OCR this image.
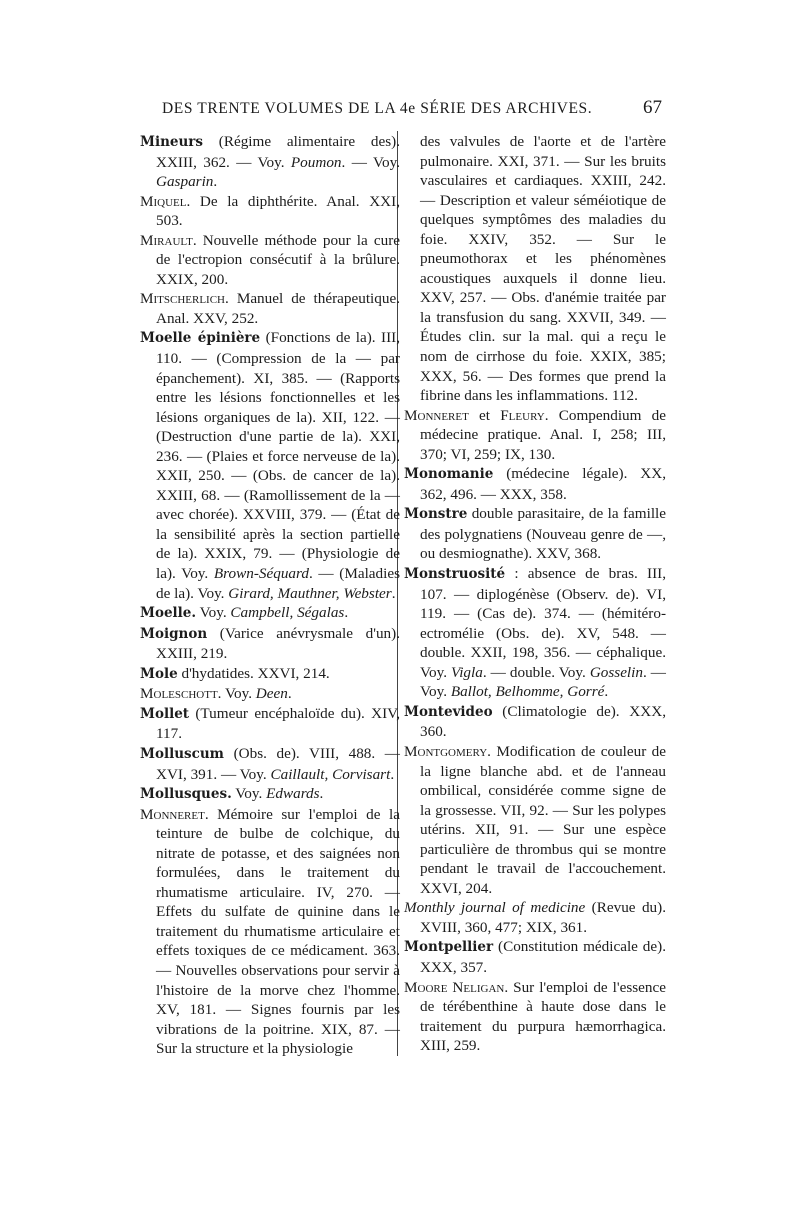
DES TRENTE VOLUMES DE LA 4e SÉRIE DES ARCHIVES.	67
Mineurs (Régime alimentaire des). XXIII, 362. — Voy. Poumon. — Voy. Gasparin.
Miquel. De la diphthérite. Anal. XXI, 503.
Mirault. Nouvelle méthode pour la cure de l'ectropion consécutif à la brûlure. XXIX, 200.
Mitscherlich. Manuel de thérapeutique. Anal. XXV, 252.
Moelle épinière (Fonctions de la). III, 110. — (Compression de la — par épanchement). XI, 385. — (Rapports entre les lésions fonctionnelles et les lésions organiques de la). XII, 122. — (Destruction d'une partie de la). XXI, 236. — (Plaies et force nerveuse de la). XXII, 250. — (Obs. de cancer de la). XXIII, 68. — (Ramollissement de la — avec chorée). XXVIII, 379. — (État de la sensibilité après la section partielle de la). XXIX, 79. — (Physiologie de la). Voy. Brown-Séquard. — (Maladies de la). Voy. Girard, Mauthner, Webster.
Moelle. Voy. Campbell, Ségalas.
Moignon (Varice anévrysmale d'un). XXIII, 219.
Mole d'hydatides. XXVI, 214.
Moleschott. Voy. Deen.
Mollet (Tumeur encéphaloïde du). XIV, 117.
Molluscum (Obs. de). VIII, 488. — XVI, 391. — Voy. Caillault, Corvisart.
Mollusques. Voy. Edwards.
Monneret. Mémoire sur l'emploi de la teinture de bulbe de colchique, du nitrate de potasse, et des saignées non formulées, dans le traitement du rhumatisme articulaire. IV, 270. — Effets du sulfate de quinine dans le traitement du rhumatisme articulaire et effets toxiques de ce médicament. 363. — Nouvelles observations pour servir à l'histoire de la morve chez l'homme. XV, 181. — Signes fournis par les vibrations de la poitrine. XIX, 87. — Sur la structure et la physiologie
des valvules de l'aorte et de l'artère pulmonaire. XXI, 371. — Sur les bruits vasculaires et cardiaques. XXIII, 242. — Description et valeur séméiotique de quelques symptômes des maladies du foie. XXIV, 352. — Sur le pneumothorax et les phénomènes acoustiques auxquels il donne lieu. XXV, 257. — Obs. d'anémie traitée par la transfusion du sang. XXVII, 349. — Études clin. sur la mal. qui a reçu le nom de cirrhose du foie. XXIX, 385; XXX, 56. — Des formes que prend la fibrine dans les inflammations. 112.
Monneret et Fleury. Compendium de médecine pratique. Anal. I, 258; III, 370; VI, 259; IX, 130.
Monomanie (médecine légale). XX, 362, 496. — XXX, 358.
Monstre double parasitaire, de la famille des polygnatiens (Nouveau genre de —, ou desmiognathe). XXV, 368.
Monstruosité : absence de bras. III, 107. — diplogénèse (Observ. de). VI, 119. — (Cas de). 374. — (hémitéro-ectromélie (Obs. de). XV, 548. — double. XXII, 198, 356. — céphalique. Voy. Vigla. — double. Voy. Gosselin. — Voy. Ballot, Belhomme, Gorré.
Montevideo (Climatologie de). XXX, 360.
Montgomery. Modification de couleur de la ligne blanche abd. et de l'anneau ombilical, considérée comme signe de la grossesse. VII, 92. — Sur les polypes utérins. XII, 91. — Sur une espèce particulière de thrombus qui se montre pendant le travail de l'accouchement. XXVI, 204.
Monthly journal of medicine (Revue du). XVIII, 360, 477; XIX, 361.
Montpellier (Constitution médicale de). XXX, 357.
Moore Neligan. Sur l'emploi de l'essence de térébenthine à haute dose dans le traitement du purpura hæmorrhagica. XIII, 259.
